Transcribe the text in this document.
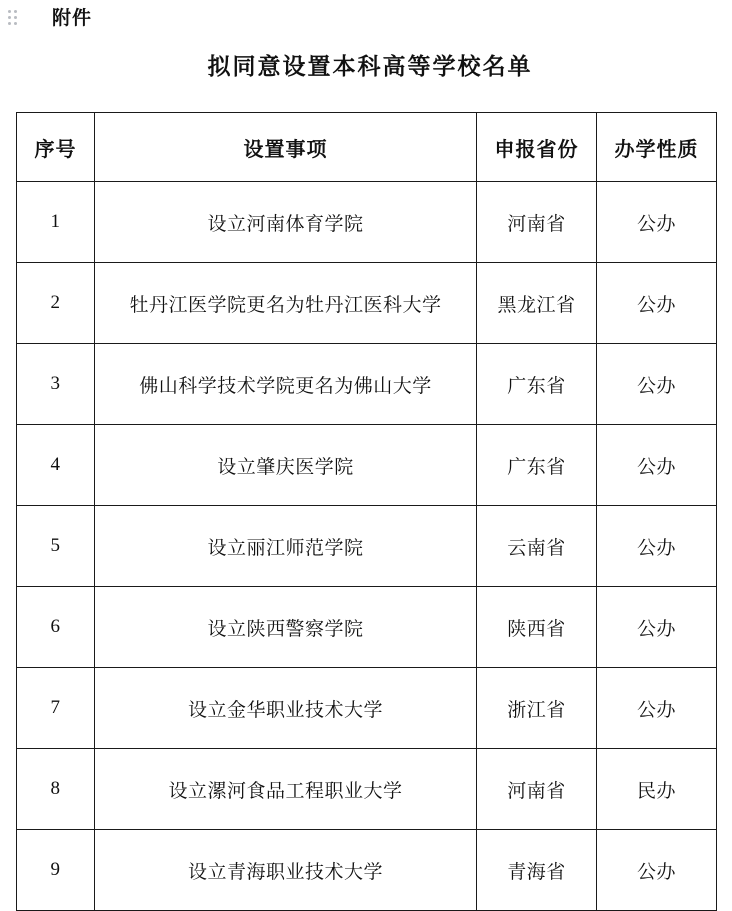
附件
拟同意设置本科高等学校名单
序号	设置事项	申报省份	办学性质
1	设立河南体育学院	河南省	公办
2	牡丹江医学院更名为牡丹江医科大学	黑龙江省	公办
3	佛山科学技术学院更名为佛山大学	广东省	公办
4	设立肇庆医学院	广东省	公办
5	设立丽江师范学院	云南省	公办
6	设立陕西警察学院	陕西省	公办
7	设立金华职业技术大学	浙江省	公办
8	设立漯河食品工程职业大学	河南省	民办
9	设立青海职业技术大学	青海省	公办
